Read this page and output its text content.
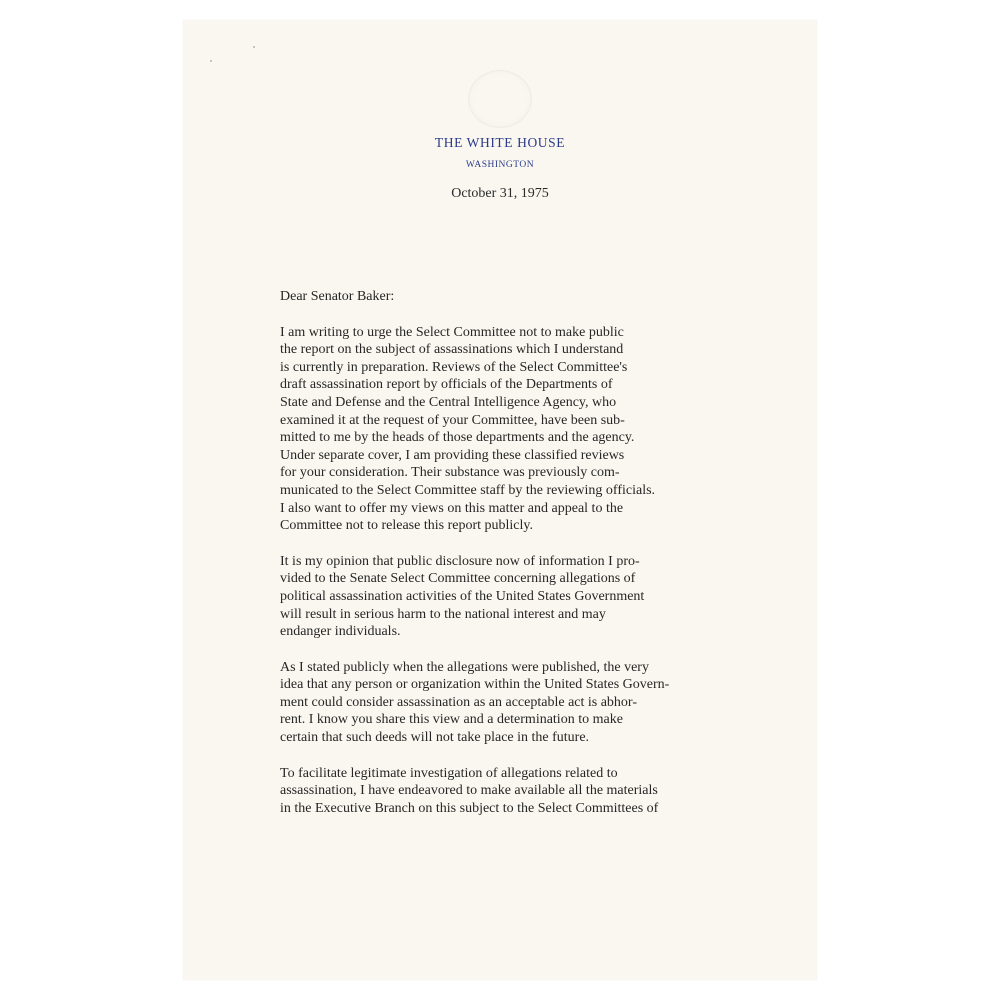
THE WHITE HOUSE
WASHINGTON
October 31, 1975
Dear Senator Baker:
I am writing to urge the Select Committee not to make public
the report on the subject of assassinations which I understand
is currently in preparation. Reviews of the Select Committee's
draft assassination report by officials of the Departments of
State and Defense and the Central Intelligence Agency, who
examined it at the request of your Committee, have been sub-
mitted to me by the heads of those departments and the agency.
Under separate cover, I am providing these classified reviews
for your consideration. Their substance was previously com-
municated to the Select Committee staff by the reviewing officials.
I also want to offer my views on this matter and appeal to the
Committee not to release this report publicly.
It is my opinion that public disclosure now of information I pro-
vided to the Senate Select Committee concerning allegations of
political assassination activities of the United States Government
will result in serious harm to the national interest and may
endanger individuals.
As I stated publicly when the allegations were published, the very
idea that any person or organization within the United States Govern-
ment could consider assassination as an acceptable act is abhor-
rent. I know you share this view and a determination to make
certain that such deeds will not take place in the future.
To facilitate legitimate investigation of allegations related to
assassination, I have endeavored to make available all the materials
in the Executive Branch on this subject to the Select Committees of
